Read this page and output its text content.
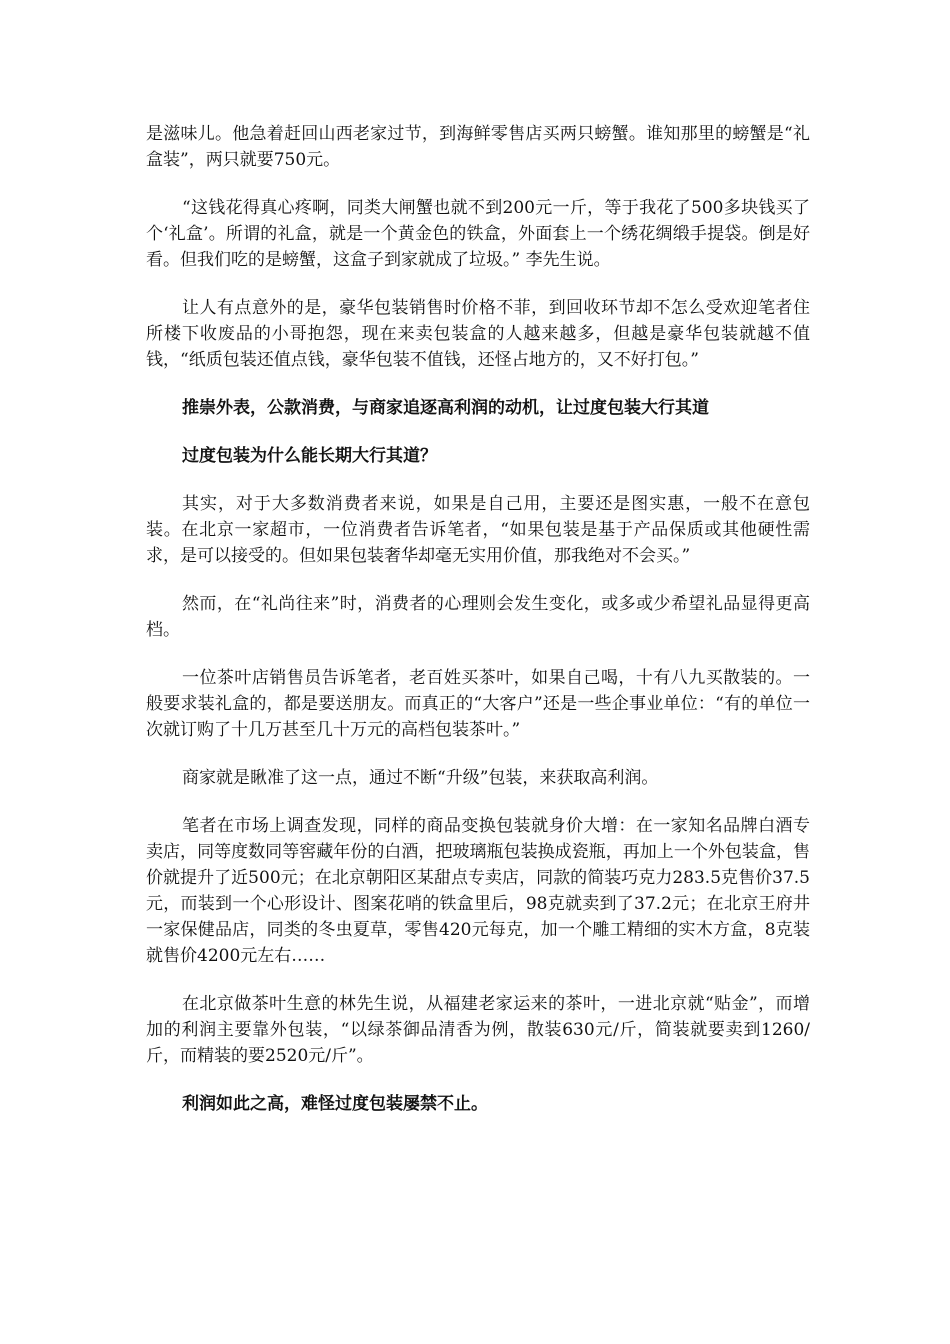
是滋味儿。他急着赶回山西老家过节，到海鲜零售店买两只螃蟹。谁知那里的螃蟹是“礼盒装”，两只就要750元。

“这钱花得真心疼啊，同类大闸蟹也就不到200元一斤，等于我花了500多块钱买了个‘礼盒’。所谓的礼盒，就是一个黄金色的铁盒，外面套上一个绣花绸缎手提袋。倒是好看。但我们吃的是螃蟹，这盒子到家就成了垃圾。” 李先生说。

让人有点意外的是，豪华包装销售时价格不菲，到回收环节却不怎么受欢迎笔者住所楼下收废品的小哥抱怨，现在来卖包装盒的人越来越多，但越是豪华包装就越不值钱，“纸质包装还值点钱，豪华包装不值钱，还怪占地方的，又不好打包。”

推崇外表，公款消费，与商家追逐高利润的动机，让过度包装大行其道

过度包装为什么能长期大行其道？

其实，对于大多数消费者来说，如果是自己用，主要还是图实惠，一般不在意包装。在北京一家超市，一位消费者告诉笔者，“如果包装是基于产品保质或其他硬性需求，是可以接受的。但如果包装奢华却毫无实用价值，那我绝对不会买。”

然而，在“礼尚往来”时，消费者的心理则会发生变化，或多或少希望礼品显得更高档。

一位茶叶店销售员告诉笔者，老百姓买茶叶，如果自己喝，十有八九买散装的。一般要求装礼盒的，都是要送朋友。而真正的“大客户”还是一些企事业单位：“有的单位一次就订购了十几万甚至几十万元的高档包装茶叶。”

商家就是瞅准了这一点，通过不断“升级”包装，来获取高利润。

笔者在市场上调查发现，同样的商品变换包装就身价大增：在一家知名品牌白酒专卖店，同等度数同等窖藏年份的白酒，把玻璃瓶包装换成瓷瓶，再加上一个外包装盒，售价就提升了近500元；在北京朝阳区某甜点专卖店，同款的简装巧克力283.5克售价37.5元，而装到一个心形设计、图案花哨的铁盒里后，98克就卖到了37.2元；在北京王府井一家保健品店，同类的冬虫夏草，零售420元每克，加一个雕工精细的实木方盒，8克装就售价4200元左右……

在北京做茶叶生意的林先生说，从福建老家运来的茶叶，一进北京就“贴金”，而增加的利润主要靠外包装，“以绿茶御品清香为例，散装630元/斤，简装就要卖到1260/斤，而精装的要2520元/斤”。

利润如此之高，难怪过度包装屡禁不止。
